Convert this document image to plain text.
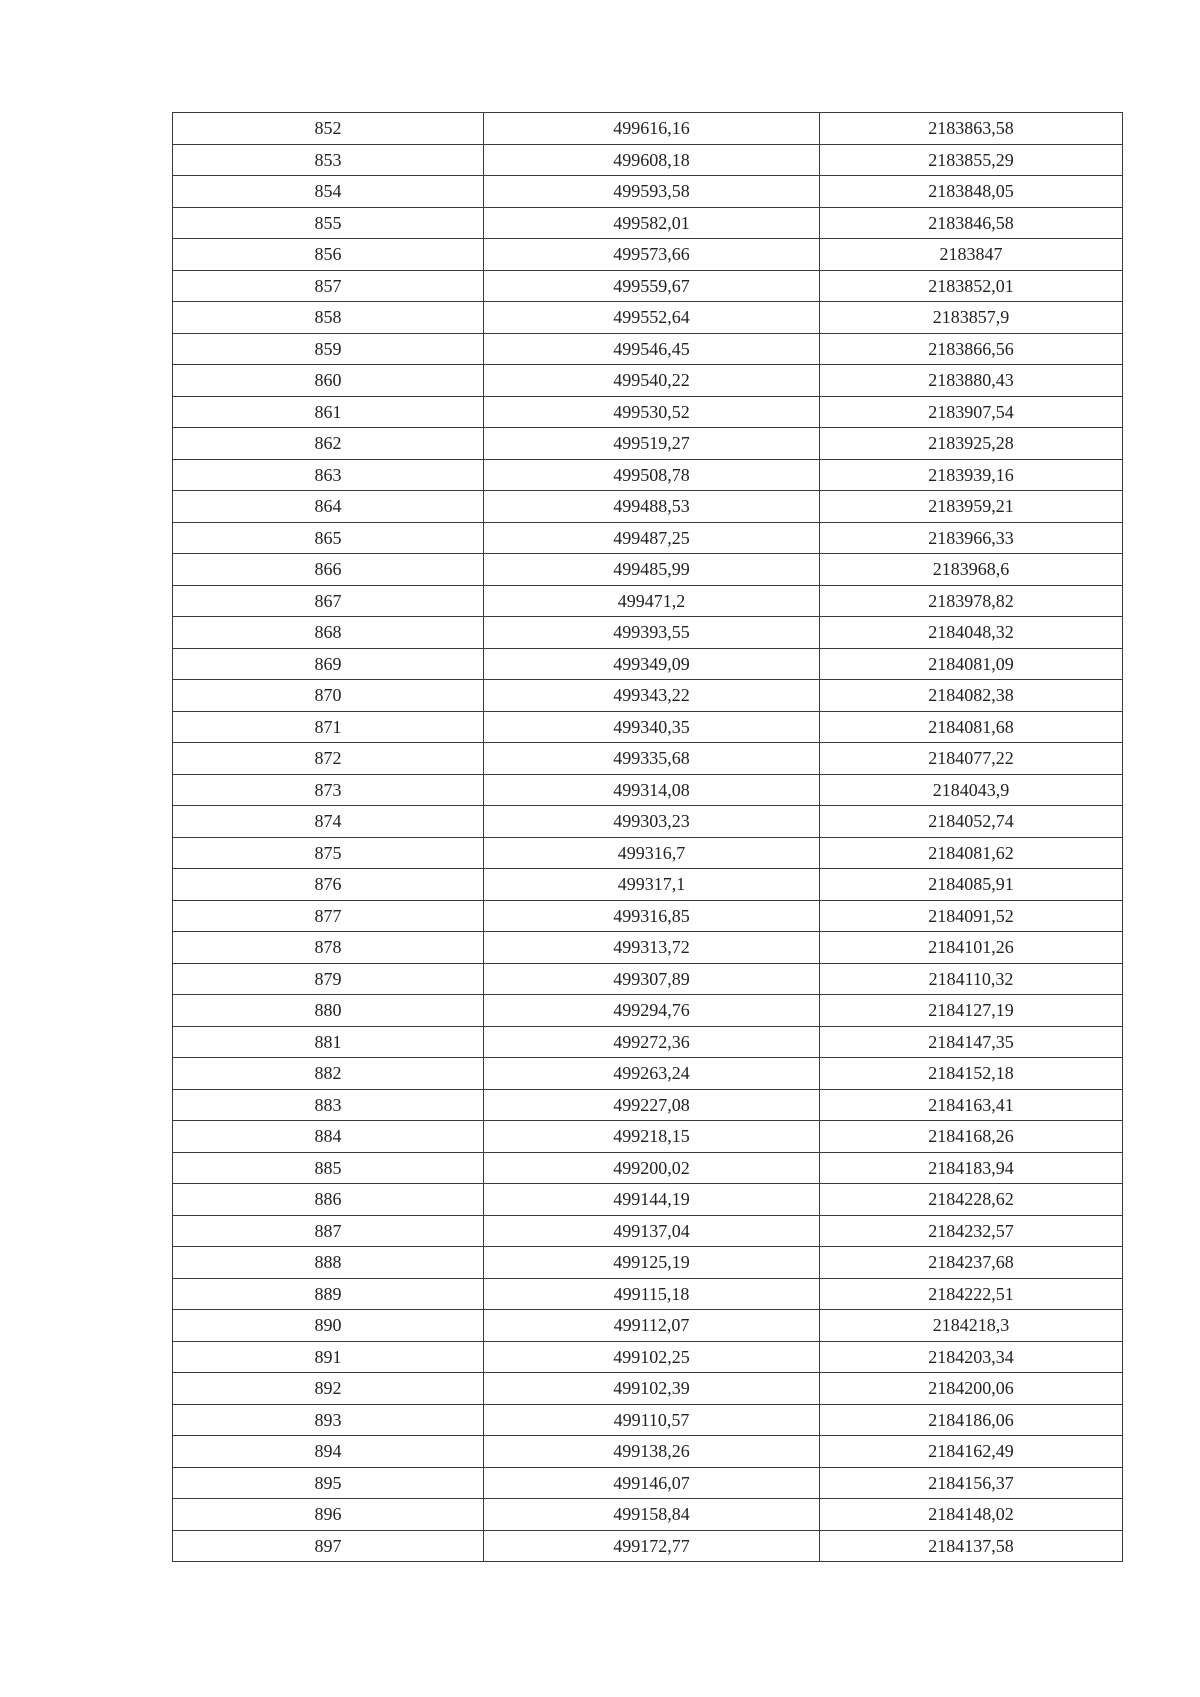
852	499616,16	2183863,58
853	499608,18	2183855,29
854	499593,58	2183848,05
855	499582,01	2183846,58
856	499573,66	2183847
857	499559,67	2183852,01
858	499552,64	2183857,9
859	499546,45	2183866,56
860	499540,22	2183880,43
861	499530,52	2183907,54
862	499519,27	2183925,28
863	499508,78	2183939,16
864	499488,53	2183959,21
865	499487,25	2183966,33
866	499485,99	2183968,6
867	499471,2	2183978,82
868	499393,55	2184048,32
869	499349,09	2184081,09
870	499343,22	2184082,38
871	499340,35	2184081,68
872	499335,68	2184077,22
873	499314,08	2184043,9
874	499303,23	2184052,74
875	499316,7	2184081,62
876	499317,1	2184085,91
877	499316,85	2184091,52
878	499313,72	2184101,26
879	499307,89	2184110,32
880	499294,76	2184127,19
881	499272,36	2184147,35
882	499263,24	2184152,18
883	499227,08	2184163,41
884	499218,15	2184168,26
885	499200,02	2184183,94
886	499144,19	2184228,62
887	499137,04	2184232,57
888	499125,19	2184237,68
889	499115,18	2184222,51
890	499112,07	2184218,3
891	499102,25	2184203,34
892	499102,39	2184200,06
893	499110,57	2184186,06
894	499138,26	2184162,49
895	499146,07	2184156,37
896	499158,84	2184148,02
897	499172,77	2184137,58
